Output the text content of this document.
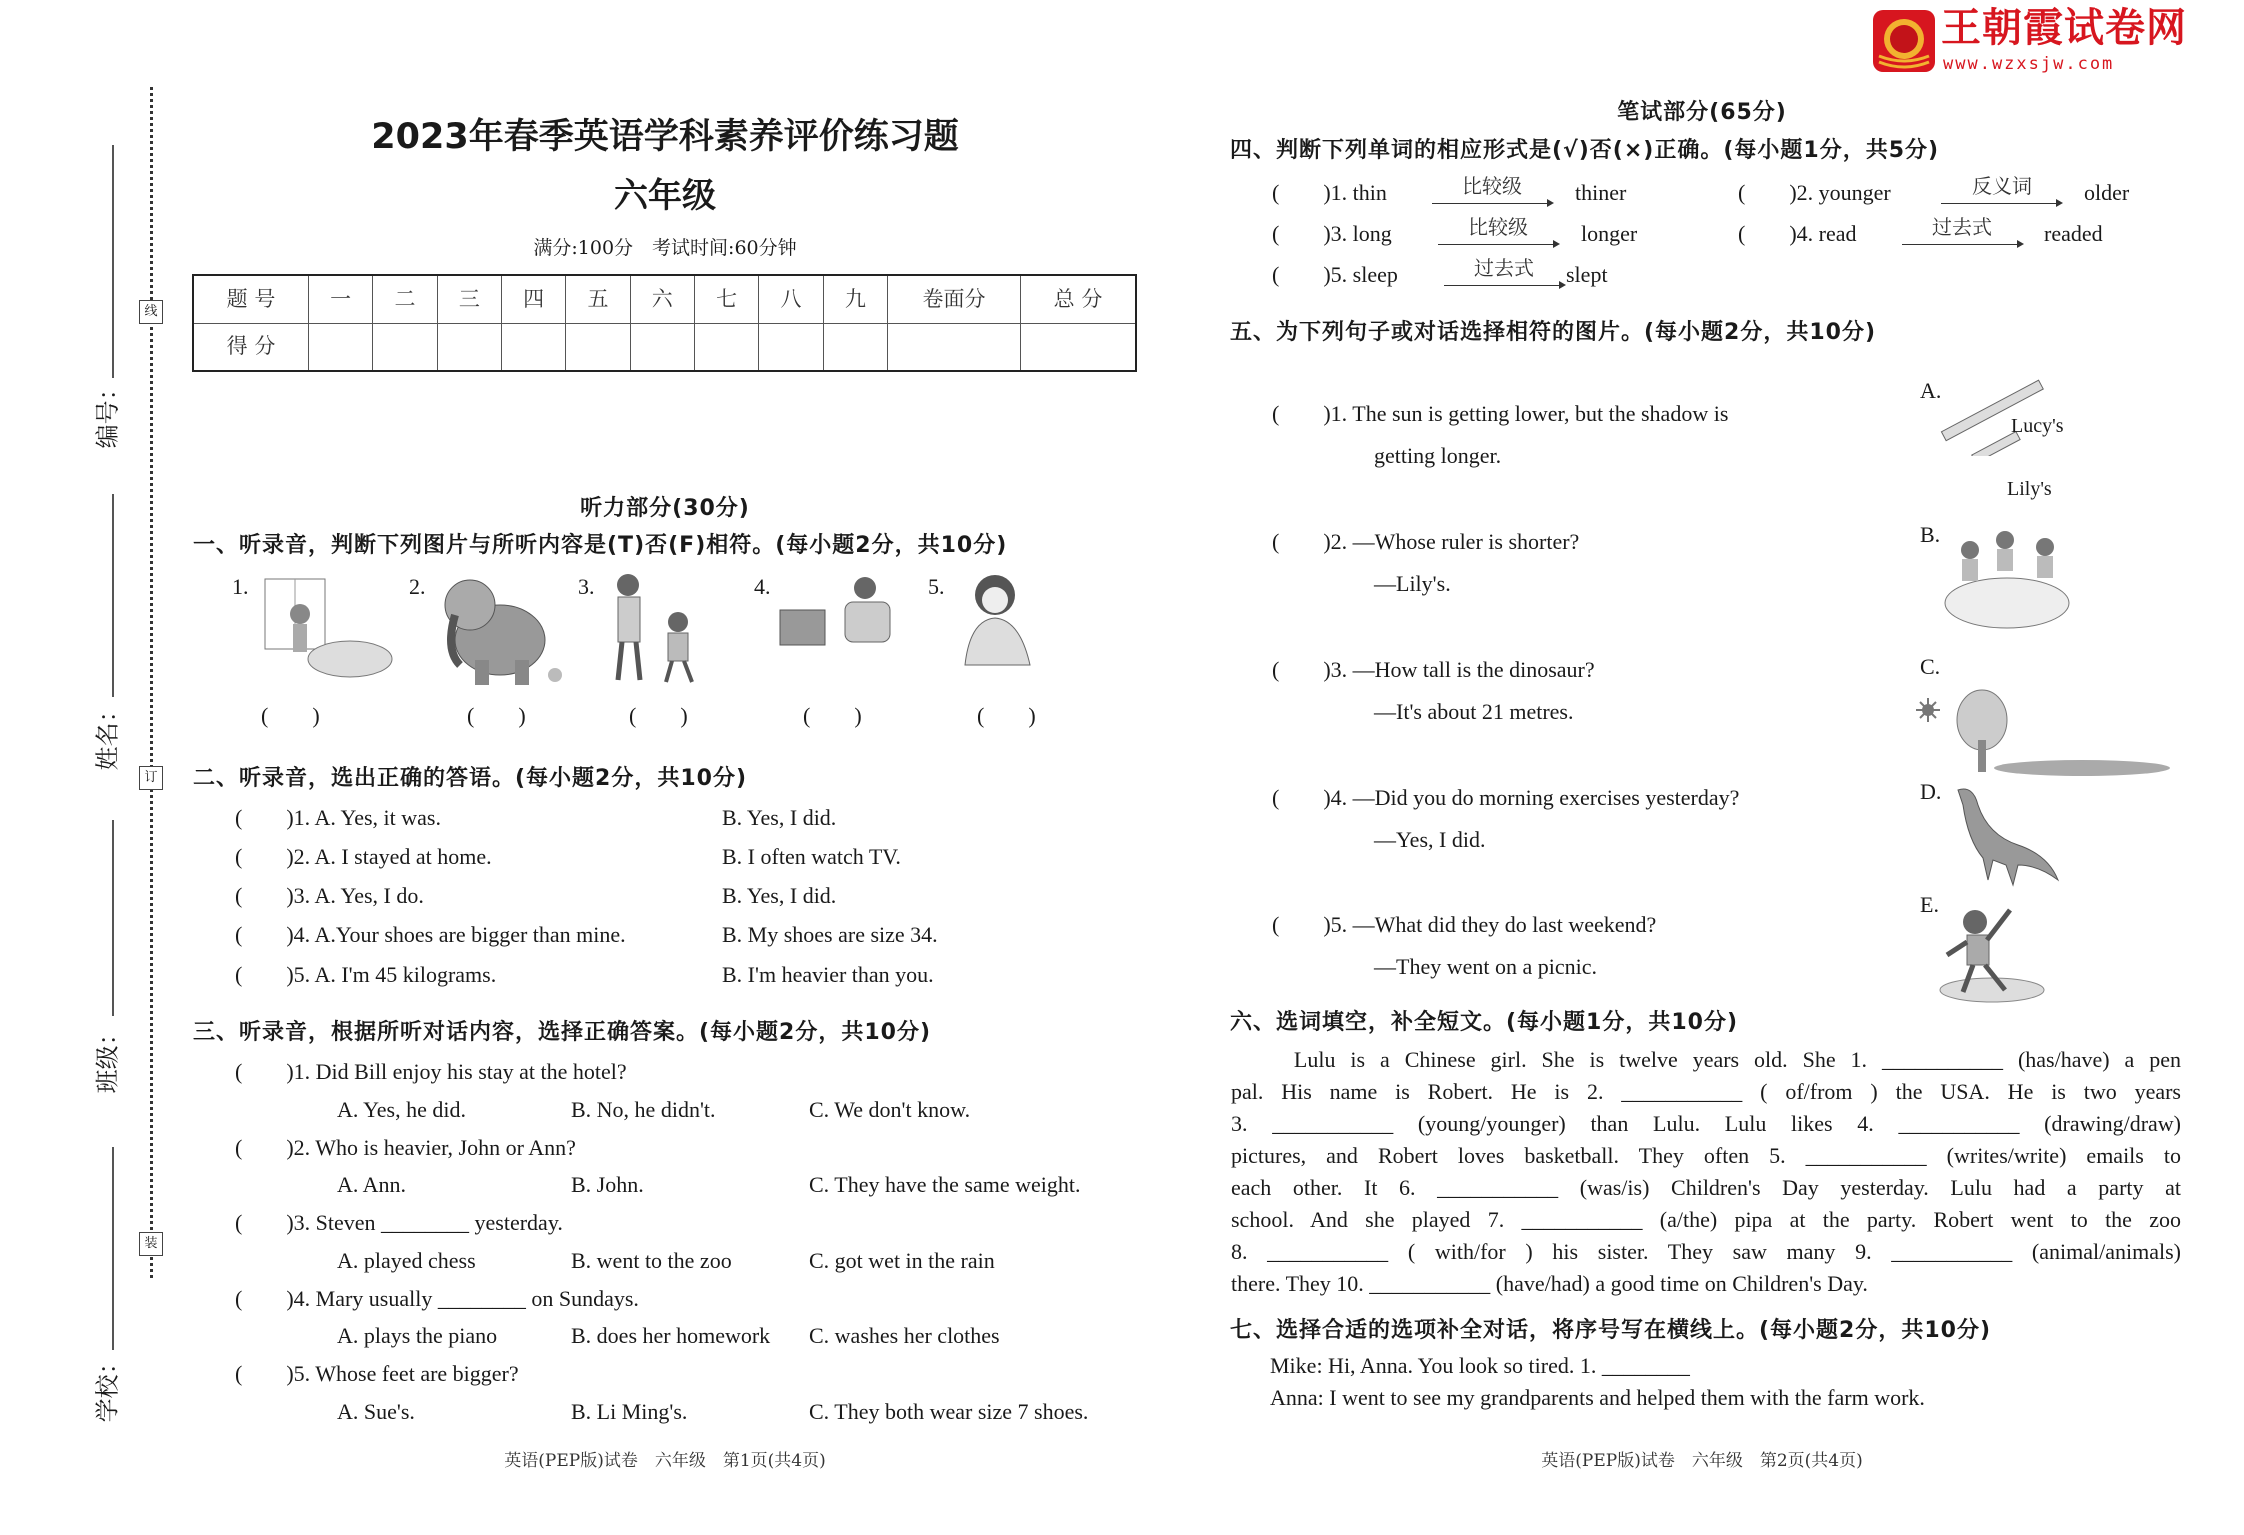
王朝霞试卷网
www.wzxsjw.com
线
订
装
编号：
姓名：
班级：
学校：
2023年春季英语学科素养评价练习题
六年级
满分:100分　考试时间:60分钟
题 号	一	二	三	四	五	六	七	八	九	卷面分	总 分
得 分											
听力部分(30分)
一、听录音，判断下列图片与所听内容是(T)否(F)相符。(每小题2分，共10分)
1.	2.	3.	4.	5.
(　　)	(　　)	(　　)	(　　)	(　　)
二、听录音，选出正确的答语。(每小题2分，共10分)
(　　)1. A. Yes, it was.	B. Yes, I did.
(　　)2. A. I stayed at home.	B. I often watch TV.
(　　)3. A. Yes, I do.	B. Yes, I did.
(　　)4. A.Your shoes are bigger than mine.	B. My shoes are size 34.
(　　)5. A. I'm 45 kilograms.	B. I'm heavier than you.
三、听录音，根据所听对话内容，选择正确答案。(每小题2分，共10分)
(　　)1. Did Bill enjoy his stay at the hotel?
A. Yes, he did.	B. No, he didn't.	C. We don't know.
(　　)2. Who is heavier, John or Ann?
A. Ann.	B. John.	C. They have the same weight.
(　　)3. Steven ________ yesterday.
A. played chess	B. went to the zoo	C. got wet in the rain
(　　)4. Mary usually ________ on Sundays.
A. plays the piano	B. does her homework C. washes her clothes
(　　)5. Whose feet are bigger?
A. Sue's.	B. Li Ming's.	C. They both wear size 7 shoes.
英语(PEP版)试卷　六年级　第1页(共4页)
笔试部分(65分)
四、判断下列单词的相应形式是(√)否(×)正确。(每小题1分，共5分)
(　　)1. thin	比较级 thiner	(　　)2. younger	反义词 older
(　　)3. long	比较级 longer	(　　)4. read	过去式 readed
(　　)5. sleep	过去式 slept
五、为下列句子或对话选择相符的图片。(每小题2分，共10分)
(　　)1. The sun is getting lower, but the shadow is
getting longer.
(　　)2. —Whose ruler is shorter?
—Lily's.
(　　)3. —How tall is the dinosaur?
—It's about 21 metres.
(　　)4. —Did you do morning exercises yesterday?
—Yes, I did.
(　　)5. —What did they do last weekend?
—They went on a picnic.
A.
Lucy's
Lily's
B.
C.
D.
E.
六、选词填空，补全短文。(每小题1分，共10分)
　　Lulu is a Chinese girl. She is twelve years old. She 1. ___________ (has/have) a pen
pal. His name is Robert. He is 2. ___________ ( of/from ) the USA. He is two years
3. ___________ (young/younger) than Lulu. Lulu likes 4. ___________ (drawing/draw)
pictures, and Robert loves basketball. They often 5. ___________ (writes/write) emails to
each other. It 6. ___________ (was/is) Children's Day yesterday. Lulu had a party at
school. And she played 7. ___________ (a/the) pipa at the party. Robert went to the zoo
8. ___________ ( with/for ) his sister. They saw many 9. ___________ (animal/animals)
there. They 10. ___________ (have/had) a good time on Children's Day.
七、选择合适的选项补全对话，将序号写在横线上。(每小题2分，共10分)
Mike: Hi, Anna. You look so tired. 1. ________
Anna: I went to see my grandparents and helped them with the farm work.
英语(PEP版)试卷　六年级　第2页(共4页)
